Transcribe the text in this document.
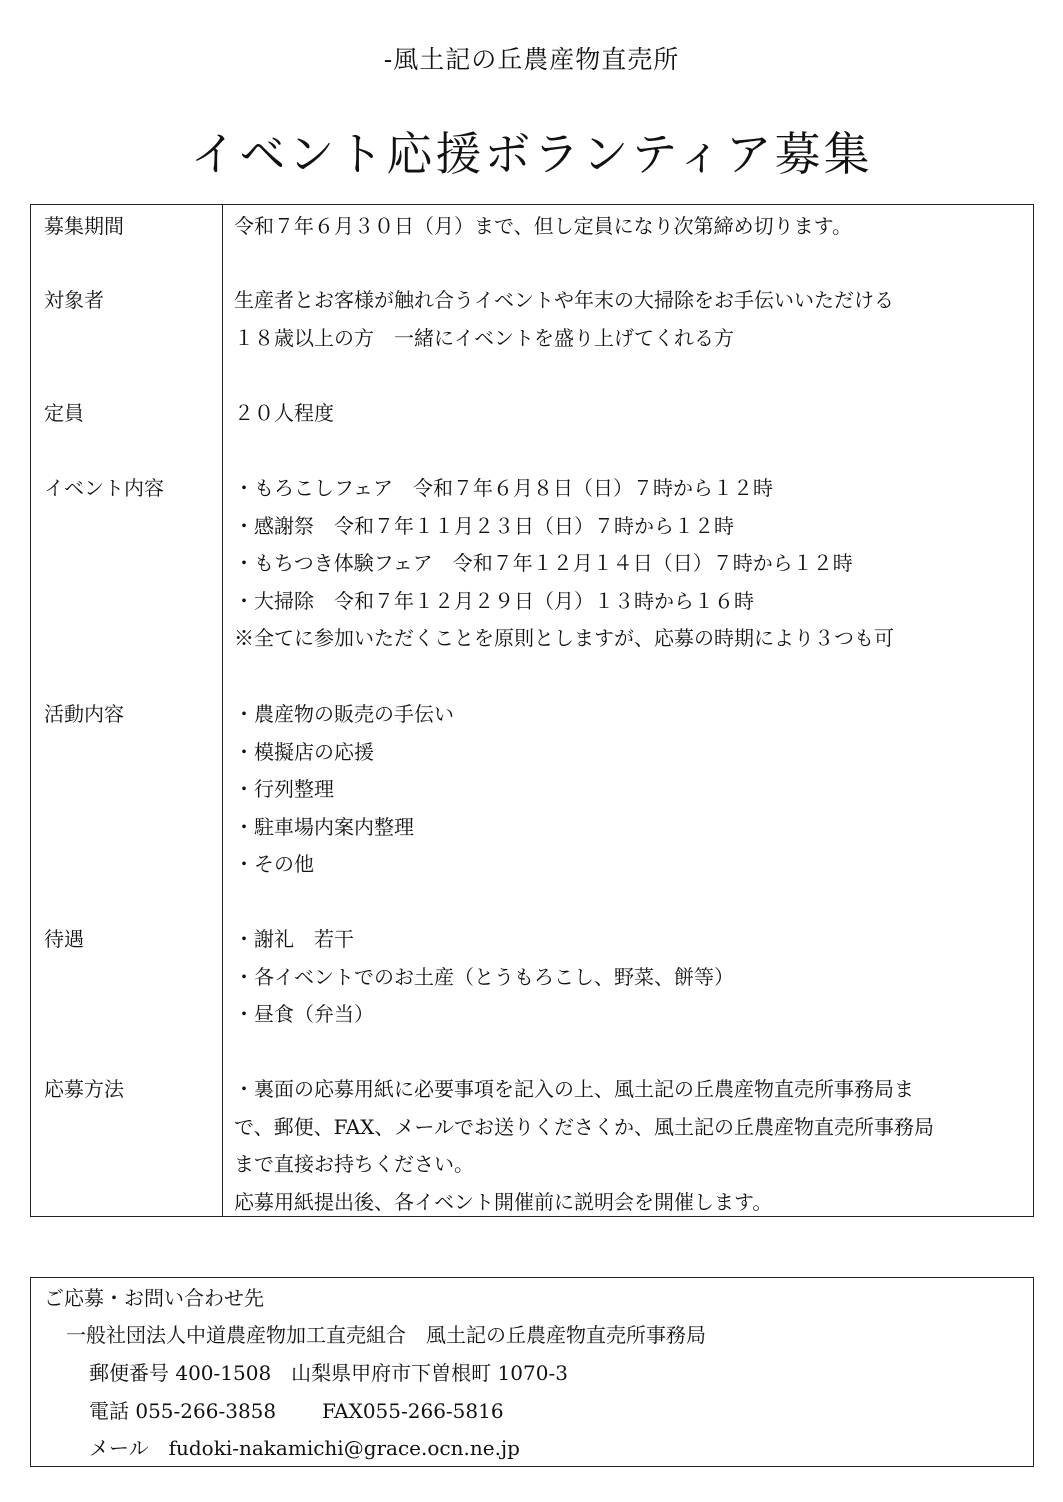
-風土記の丘農産物直売所
イベント応援ボランティア募集
募集期間	令和７年６月３０日（月）まで、但し定員になり次第締め切ります。
対象者	生産者とお客様が触れ合うイベントや年末の大掃除をお手伝いいただける
１８歳以上の方　一緒にイベントを盛り上げてくれる方
定員	２０人程度
イベント内容	・もろこしフェア　令和７年６月８日（日）７時から１２時
・感謝祭　令和７年１１月２３日（日）７時から１２時
・もちつき体験フェア　令和７年１２月１４日（日）７時から１２時
・大掃除　令和７年１２月２９日（月）１３時から１６時
※全てに参加いただくことを原則としますが、応募の時期により３つも可
活動内容	・農産物の販売の手伝い
・模擬店の応援
・行列整理
・駐車場内案内整理
・その他
待遇	・謝礼　若干
・各イベントでのお土産（とうもろこし、野菜、餅等）
・昼食（弁当）
応募方法	・裏面の応募用紙に必要事項を記入の上、風土記の丘農産物直売所事務局ま
で、郵便、FAX、メールでお送りくださくか、風土記の丘農産物直売所事務局
まで直接お持ちください。
応募用紙提出後、各イベント開催前に説明会を開催します。
ご応募・お問い合わせ先
一般社団法人中道農産物加工直売組合　風土記の丘農産物直売所事務局
郵便番号 400-1508　山梨県甲府市下曽根町 1070-3
電話 055-266-3858 FAX055-266-5816
メール　fudoki-nakamichi@grace.ocn.ne.jp
